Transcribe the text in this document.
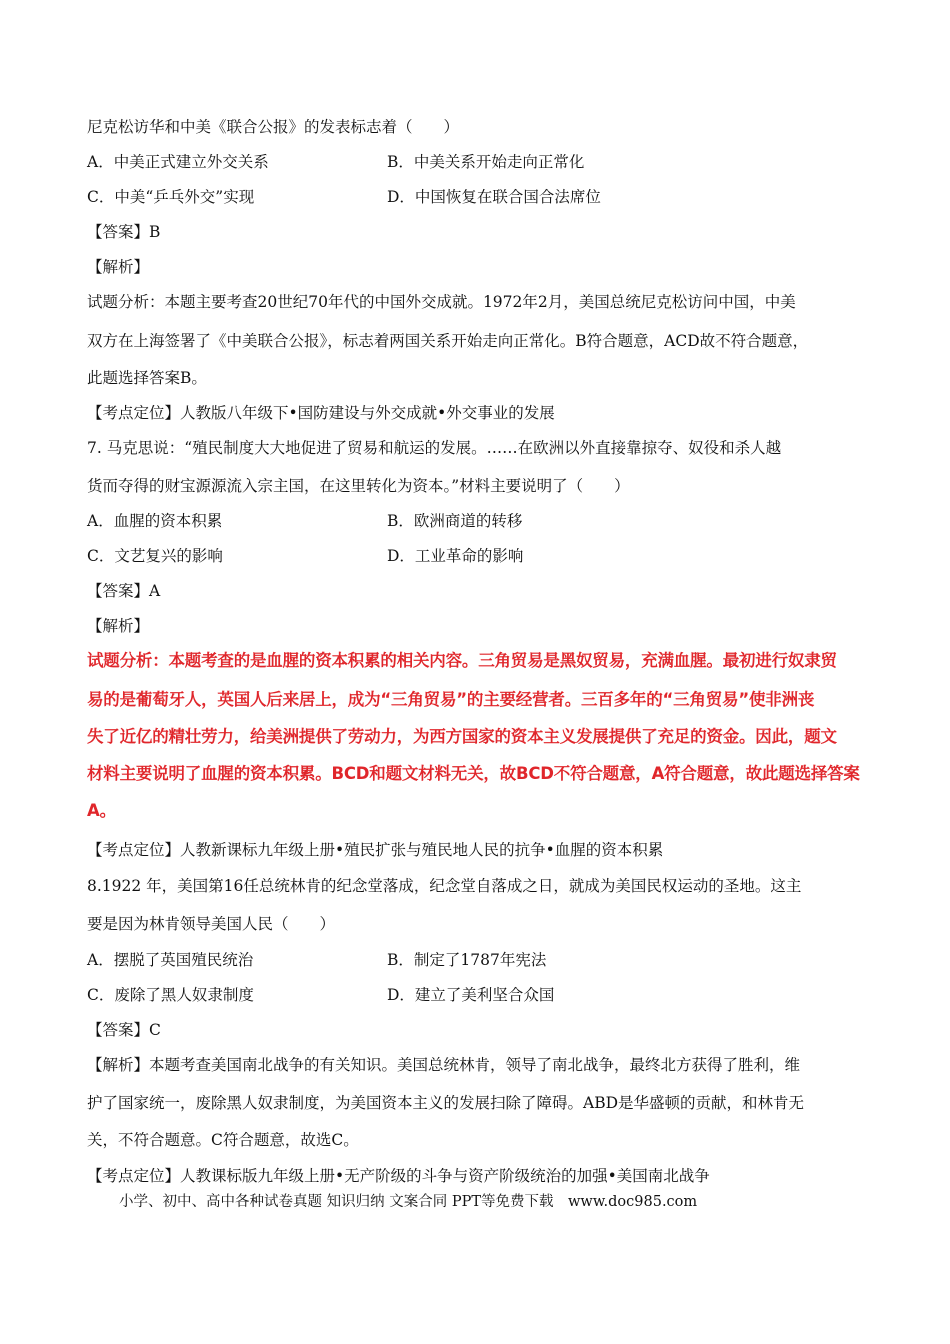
尼克松访华和中美《联合公报》的发表标志着（　　）
A．中美正式建立外交关系	B．中美关系开始走向正常化
C．中美“乒乓外交”实现	D．中国恢复在联合国合法席位
【答案】B
【解析】
试题分析：本题主要考查20世纪70年代的中国外交成就。1972年2月，美国总统尼克松访问中国，中美
双方在上海签署了《中美联合公报》，标志着两国关系开始走向正常化。B符合题意，ACD故不符合题意，
此题选择答案B。
【考点定位】人教版八年级下•国防建设与外交成就•外交事业的发展
7. 马克思说：“殖民制度大大地促进了贸易和航运的发展。……在欧洲以外直接靠掠夺、奴役和杀人越
货而夺得的财宝源源流入宗主国，在这里转化为资本。”材料主要说明了（　　）
A．血腥的资本积累	B．欧洲商道的转移
C．文艺复兴的影响	D．工业革命的影响
【答案】A
【解析】
试题分析：本题考查的是血腥的资本积累的相关内容。三角贸易是黑奴贸易，充满血腥。最初进行奴隶贸
易的是葡萄牙人，英国人后来居上，成为“三角贸易”的主要经营者。三百多年的“三角贸易”使非洲丧
失了近亿的精壮劳力，给美洲提供了劳动力，为西方国家的资本主义发展提供了充足的资金。因此，题文
材料主要说明了血腥的资本积累。BCD和题文材料无关，故BCD不符合题意，A符合题意，故此题选择答案
A。
【考点定位】人教新课标九年级上册•殖民扩张与殖民地人民的抗争•血腥的资本积累
8.1922 年，美国第16任总统林肯的纪念堂落成，纪念堂自落成之日，就成为美国民权运动的圣地。这主
要是因为林肯领导美国人民（　　）
A．摆脱了英国殖民统治	B．制定了1787年宪法
C．废除了黑人奴隶制度	D．建立了美利坚合众国
【答案】C
【解析】本题考查美国南北战争的有关知识。美国总统林肯，领导了南北战争，最终北方获得了胜利，维
护了国家统一，废除黑人奴隶制度，为美国资本主义的发展扫除了障碍。ABD是华盛顿的贡献，和林肯无
关，不符合题意。C符合题意，故选C。
【考点定位】人教课标版九年级上册•无产阶级的斗争与资产阶级统治的加强•美国南北战争
小学、初中、高中各种试卷真题 知识归纳 文案合同 PPT等免费下载　www.doc985.com
